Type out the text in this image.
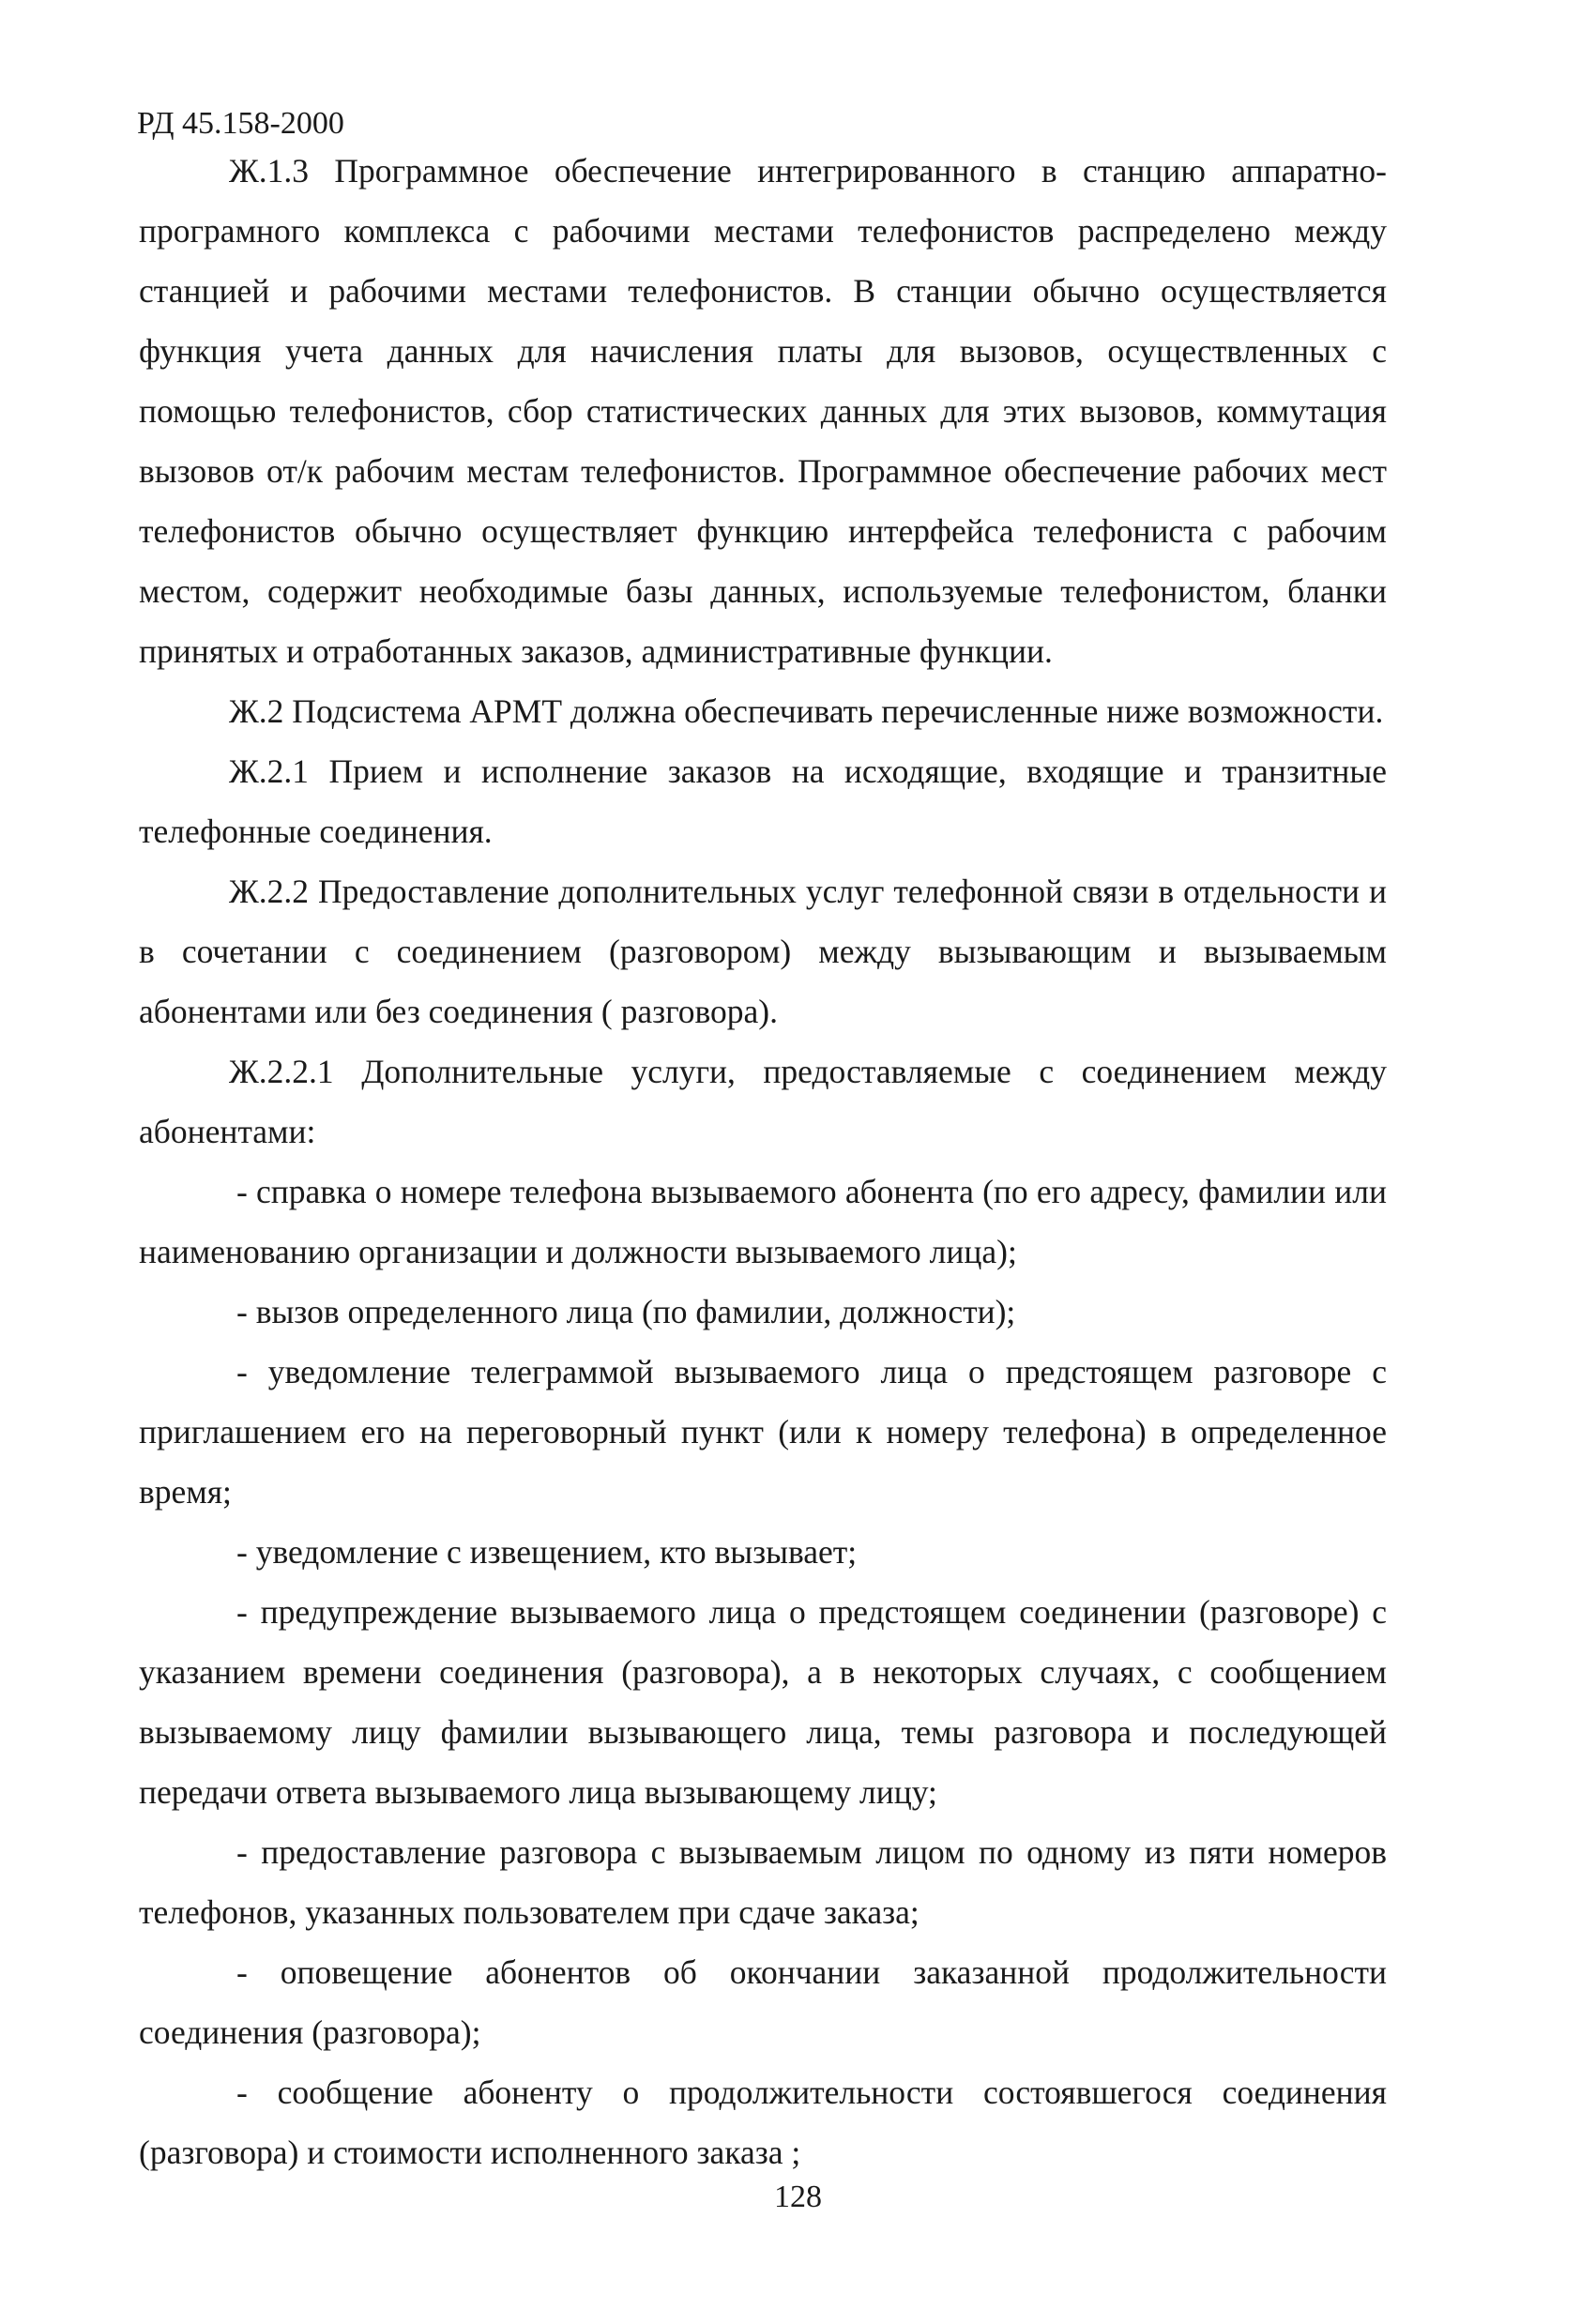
РД 45.158-2000

Ж.1.3 Программное обеспечение интегрированного в станцию аппаратно-програмного комплекса с рабочими местами телефонистов распределено между станцией и рабочими местами телефонистов. В станции обычно осуществляется функция учета данных для начисления платы для вызовов, осуществленных с помощью телефонистов, сбор статистических данных для этих вызовов, коммутация вызовов от/к рабочим местам телефонистов. Программное обеспечение рабочих мест телефонистов обычно осуществляет функцию интерфейса телефониста с рабочим местом, содержит необходимые базы данных, используемые телефонистом, бланки принятых и отработанных заказов, административные функции.

Ж.2 Подсистема АРМТ должна обеспечивать перечисленные ниже возможности.

Ж.2.1 Прием и исполнение заказов на исходящие, входящие и транзитные телефонные соединения.

Ж.2.2 Предоставление дополнительных услуг телефонной связи в отдельности и в сочетании с соединением (разговором) между вызывающим и вызываемым абонентами или без соединения ( разговора).

Ж.2.2.1 Дополнительные услуги, предоставляемые с соединением между абонентами:

- справка о номере телефона вызываемого абонента (по его адресу, фамилии или наименованию организации и должности вызываемого лица);

- вызов определенного лица (по фамилии, должности);

- уведомление телеграммой вызываемого лица о предстоящем разговоре с приглашением его на переговорный пункт (или к номеру телефона) в определенное время;

- уведомление с извещением, кто вызывает;

- предупреждение вызываемого лица о предстоящем соединении (разговоре) с указанием времени соединения (разговора), а в некоторых случаях, с сообщением вызываемому лицу фамилии вызывающего лица, темы разговора и последующей передачи ответа вызываемого лица вызывающему лицу;

- предоставление разговора с вызываемым лицом по одному из пяти номеров телефонов, указанных пользователем при сдаче заказа;

- оповещение абонентов об окончании заказанной продолжительности соединения (разговора);

- сообщение абоненту о продолжительности состоявшегося соединения (разговора) и стоимости исполненного заказа ;

128
